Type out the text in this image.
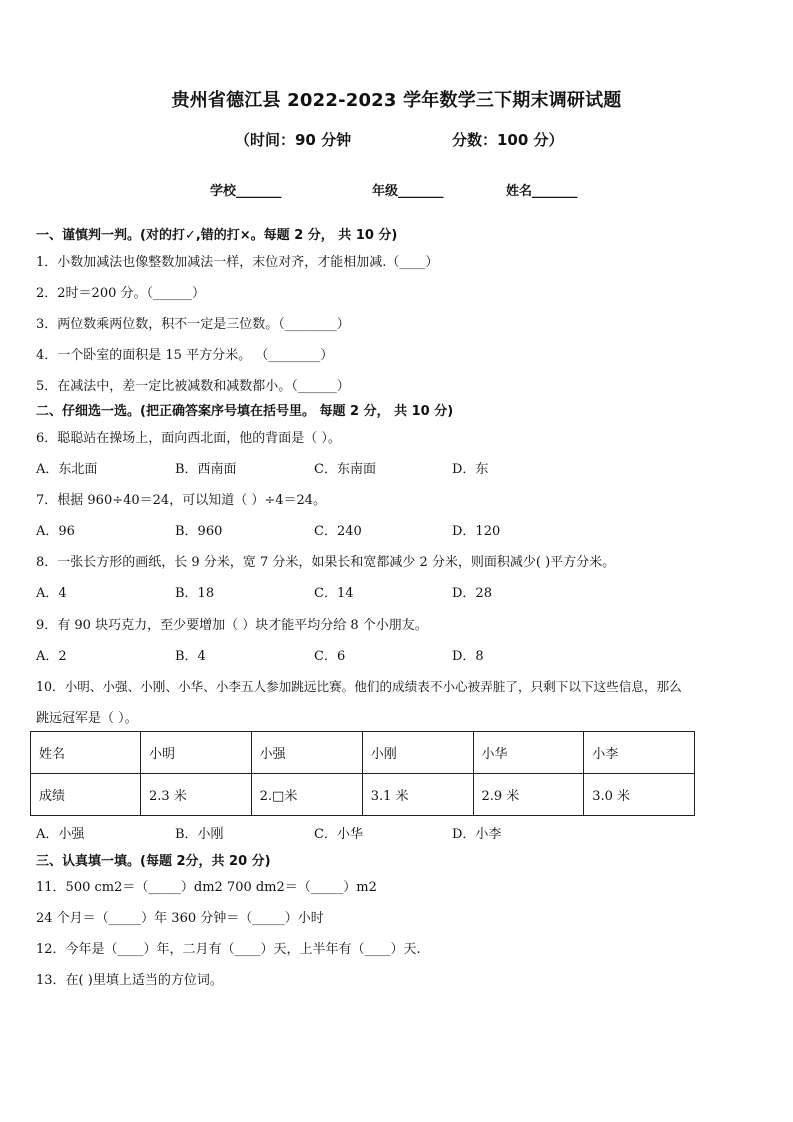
贵州省德江县 2022-2023 学年数学三下期末调研试题
（时间：90 分钟	分数：100 分）
学校_______	年级_______	姓名_______
一、谨慎判一判。(对的打✓,错的打×。每题 2 分， 共 10 分)
1．小数加减法也像整数加减法一样，末位对齐，才能相加减.（____）
2．2时＝200 分。（______）
3．两位数乘两位数，积不一定是三位数。（________）
4．一个卧室的面积是 15 平方分米。 （________）
5．在减法中，差一定比被减数和减数都小。（______）
二、仔细选一选。(把正确答案序号填在括号里。 每题 2 分， 共 10 分)
6．聪聪站在操场上，面向西北面，他的背面是（ ）。
A．东北面	B．西南面	C．东南面	D．东
7．根据 960÷40＝24，可以知道（ ）÷4＝24。
A．96	B．960	C．240	D．120
8．一张长方形的画纸，长 9 分米，宽 7 分米，如果长和宽都减少 2 分米，则面积减少( )平方分米。
A．4	B．18	C．14	D．28
9．有 90 块巧克力，至少要增加（ ）块才能平均分给 8 个小朋友。
A．2	B．4	C．6	D．8
10．小明、小强、小刚、小华、小李五人参加跳远比赛。他们的成绩表不小心被弄脏了，只剩下以下这些信息，那么
跳远冠军是（ ）。
姓名	小明	小强	小刚	小华	小李
成绩	2.3 米	2.□米	3.1 米	2.9 米	3.0 米
A．小强	B．小刚	C．小华	D．小李
三、认真填一填。(每题 2分，共 20 分)
11．500 cm2＝（_____）dm2 700 dm2＝（_____）m2
24 个月＝（_____）年 360 分钟＝（_____）小时
12．今年是（____）年，二月有（____）天，上半年有（____）天.
13．在( )里填上适当的方位词。
